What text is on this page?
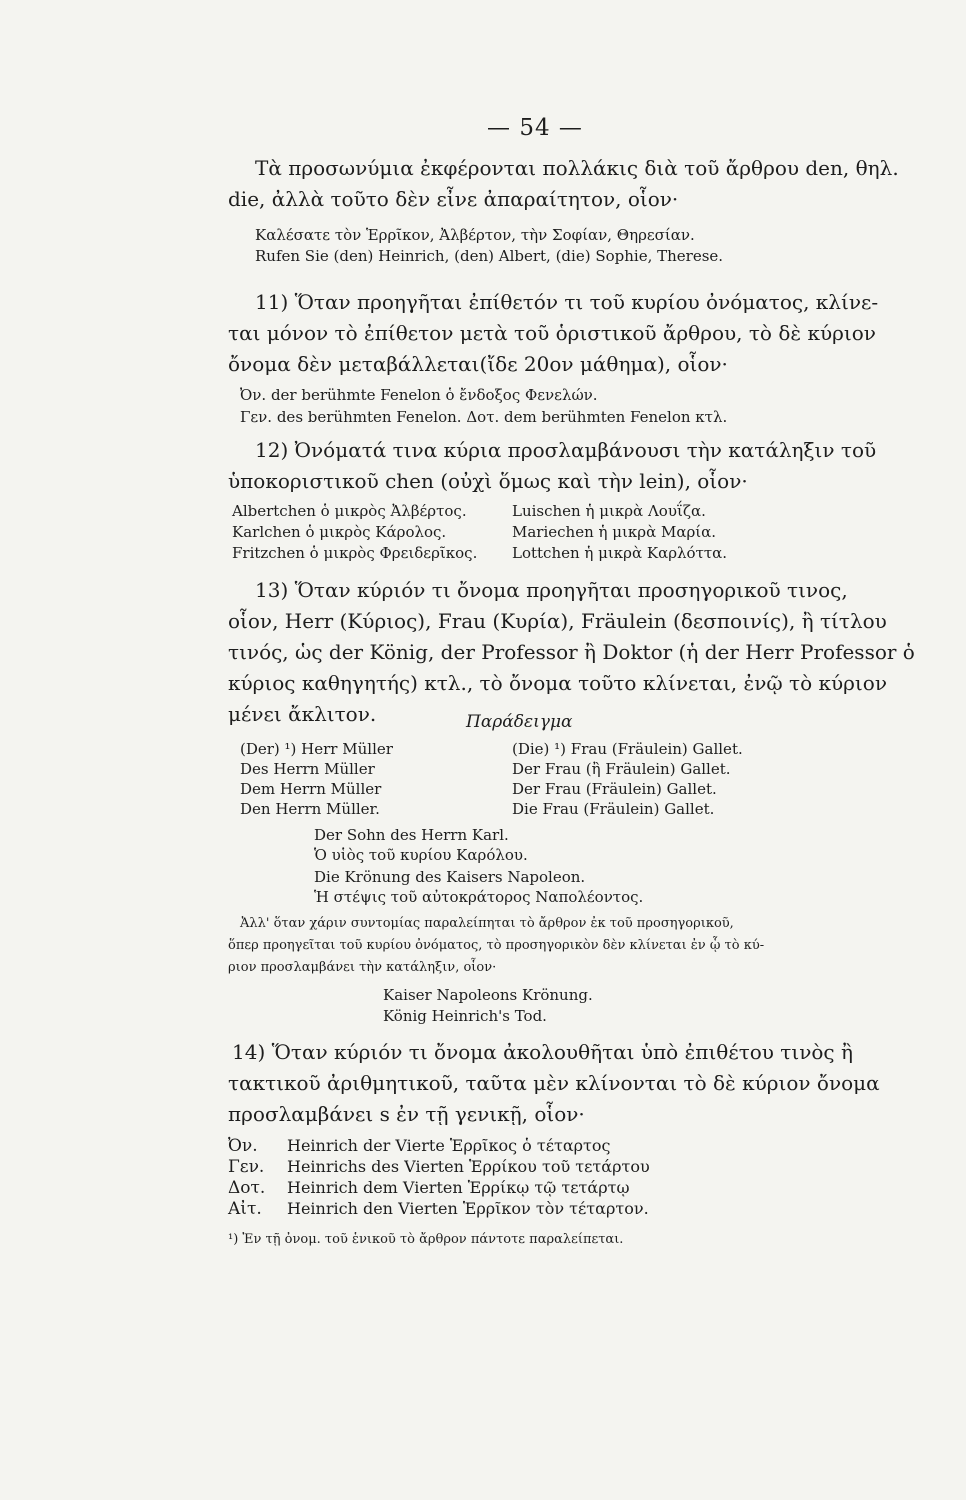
— 54 —
Τὰ προσωνύμια ἐκφέρονται πολλάκις διὰ τοῦ ἄρθρου den, θηλ.
die, ἀλλὰ τοῦτο δὲν εἶνε ἀπαραίτητον, οἷον·
Καλέσατε τὸν Ἑρρῖκον, Ἀλβέρτον, τὴν Σοφίαν, Θηρεσίαν.
Rufen Sie (den) Heinrich, (den) Albert, (die) Sophie, Therese.
11) Ὅταν προηγῆται ἐπίθετόν τι τοῦ κυρίου ὀνόματος, κλίνε-
ται μόνον τὸ ἐπίθετον μετὰ τοῦ ὁριστικοῦ ἄρθρου, τὸ δὲ κύριον
ὄνομα δὲν μεταβάλλεται(ἴδε 20ον μάθημα), οἷον·
Ὀν. der berühmte Fenelon ὁ ἔνδοξος Φενελών.
Γεν. des berühmten Fenelon. Δοτ. dem berühmten Fenelon κτλ.
12) Ὀνόματά τινα κύρια προσλαμβάνουσι τὴν κατάληξιν τοῦ
ὑποκοριστικοῦ chen (οὐχὶ ὅμως καὶ τὴν lein), οἷον·
Albertchen ὁ μικρὸς Ἀλβέρτος.
Karlchen ὁ μικρὸς Κάρολος.
Fritzchen ὁ μικρὸς Φρειδερῖκος.
Luischen ἡ μικρὰ Λουΐζα.
Mariechen ἡ μικρὰ Μαρία.
Lottchen ἡ μικρὰ Καρλόττα.
13) Ὅταν κύριόν τι ὄνομα προηγῆται προσηγορικοῦ τινος,
οἷον, Herr (Κύριος), Frau (Κυρία), Fräulein (δεσποινίς), ἢ τίτλου
τινός, ὡς der König, der Professor ἢ Doktor (ἡ der Herr Professor ὁ
κύριος καθηγητής) κτλ., τὸ ὄνομα τοῦτο κλίνεται, ἐνῷ τὸ κύριον
μένει ἄκλιτον.	Παράδειγμα
(Der) ¹) Herr Müller
Des Herrn Müller
Dem Herrn Müller
Den Herrn Müller.
(Die) ¹) Frau (Fräulein) Gallet.
Der Frau (ἢ Fräulein) Gallet.
Der Frau (Fräulein) Gallet.
Die Frau (Fräulein) Gallet.
Der Sohn des Herrn Karl.
Ὁ υἱὸς τοῦ κυρίου Καρόλου.
Die Krönung des Kaisers Napoleon.
Ἡ στέψις τοῦ αὐτοκράτορος Ναπολέοντος.
Ἀλλ' ὅταν χάριν συντομίας παραλείπηται τὸ ἄρθρον ἐκ τοῦ προσηγορικοῦ,
ὅπερ προηγεῖται τοῦ κυρίου ὀνόματος, τὸ προσηγορικὸν δὲν κλίνεται ἐν ᾧ τὸ κύ-
ριον προσλαμβάνει τὴν κατάληξιν, οἷον·
Kaiser Napoleons Krönung.
König Heinrich's Tod.
14) Ὅταν κύριόν τι ὄνομα ἀκολουθῆται ὑπὸ ἐπιθέτου τινὸς ἢ
τακτικοῦ ἀριθμητικοῦ, ταῦτα μὲν κλίνονται τὸ δὲ κύριον ὄνομα
προσλαμβάνει s ἐν τῇ γενικῇ, οἷον·
Ὀν. Heinrich der Vierte Ἑρρῖκος ὁ τέταρτος
Γεν. Heinrichs des Vierten Ἑρρίκου τοῦ τετάρτου
Δοτ. Heinrich dem Vierten Ἑρρίκῳ τῷ τετάρτῳ
Αἰτ. Heinrich den Vierten Ἑρρῖκον τὸν τέταρτον.
¹) Ἐν τῇ ὀνομ. τοῦ ἑνικοῦ τὸ ἄρθρον πάντοτε παραλείπεται.
